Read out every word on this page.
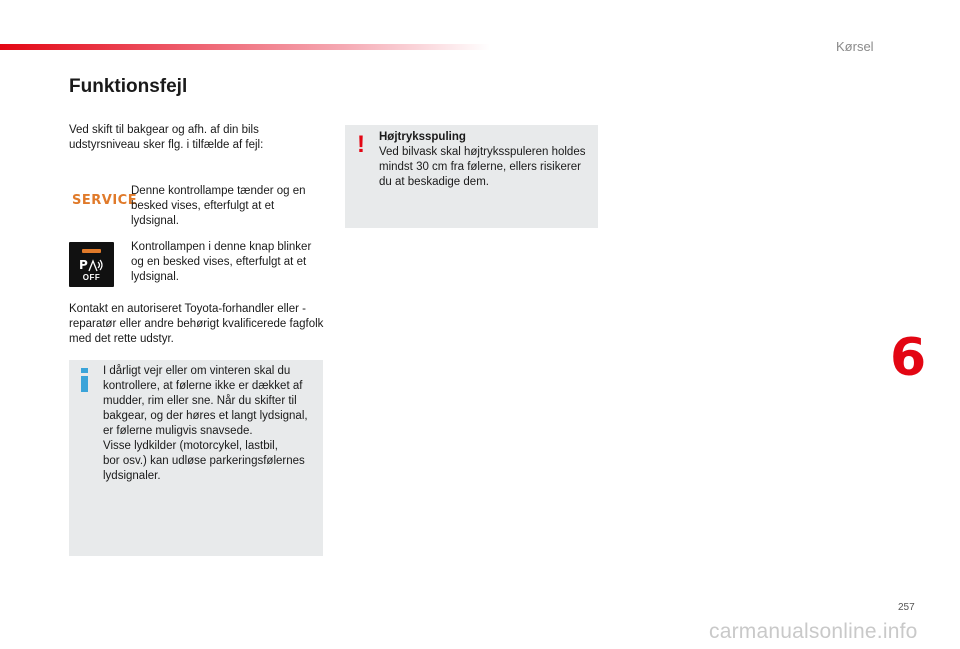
Kørsel
Funktionsfejl
Ved skift til bakgear og afh. af din bils udstyrsniveau sker flg. i tilfælde af fejl:
SERVICE
Denne kontrollampe tænder og en besked vises, efterfulgt at et lydsignal.
P
OFF
Kontrollampen i denne knap blinker og en besked vises, efterfulgt at et lydsignal.
Kontakt en autoriseret Toyota-forhandler eller -reparatør eller andre behørigt kvalificerede fagfolk med det rette udstyr.
I dårligt vejr eller om vinteren skal du
kontrollere, at følerne ikke er dækket af
mudder, rim eller sne. Når du skifter til
bakgear, og der høres et langt lydsignal,
er følerne muligvis snavsede.
Visse lydkilder (motorcykel, lastbil,
bor osv.) kan udløse parkeringsfølernes
lydsignaler.
! Højtryksspuling
Ved bilvask skal højtryksspuleren holdes mindst 30 cm fra følerne, ellers risikerer du at beskadige dem.
6
257
carmanualsonline.info
